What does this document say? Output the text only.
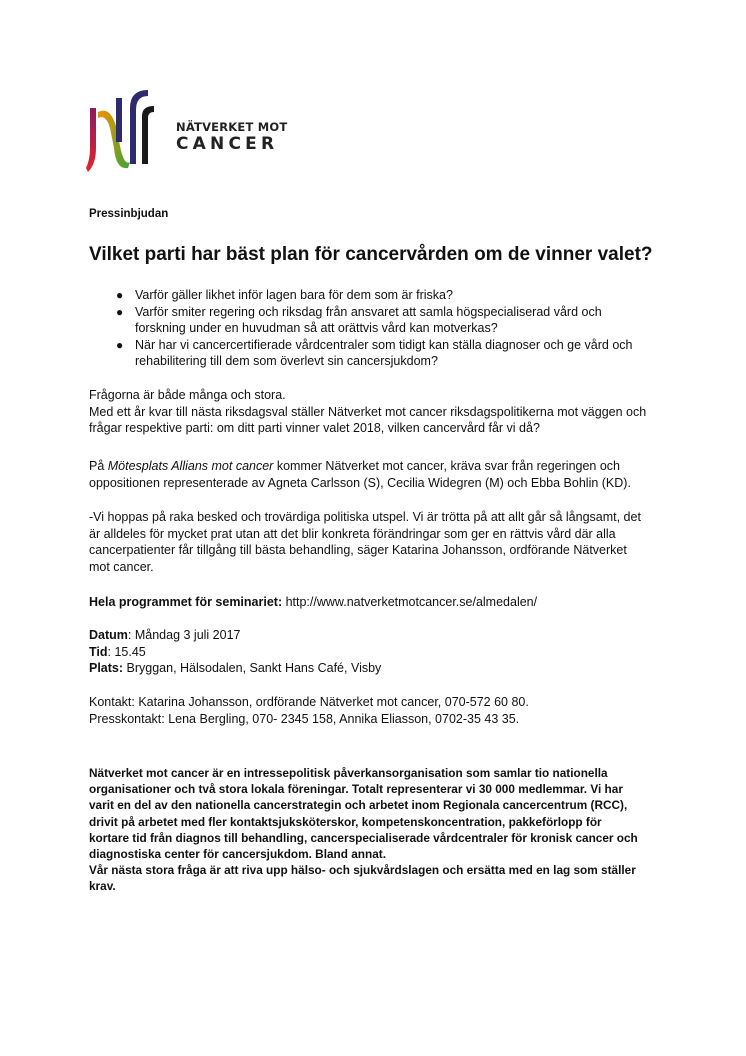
NÄTVERKET MOT
CANCER
Pressinbjudan
Vilket parti har bäst plan för cancervården om de vinner valet?
● Varför gäller likhet inför lagen bara för dem som är friska?
● Varför smiter regering och riksdag från ansvaret att samla högspecialiserad vård och
forskning under en huvudman så att orättvis vård kan motverkas?
● När har vi cancercertifierade vårdcentraler som tidigt kan ställa diagnoser och ge vård och
rehabilitering till dem som överlevt sin cancersjukdom?
Frågorna är både många och stora.
Med ett år kvar till nästa riksdagsval ställer Nätverket mot cancer riksdagspolitikerna mot väggen och
frågar respektive parti: om ditt parti vinner valet 2018, vilken cancervård får vi då?
På Mötesplats Allians mot cancer kommer Nätverket mot cancer, kräva svar från regeringen och
oppositionen representerade av Agneta Carlsson (S), Cecilia Widegren (M) och Ebba Bohlin (KD).
-Vi hoppas på raka besked och trovärdiga politiska utspel. Vi är trötta på att allt går så långsamt, det
är alldeles för mycket prat utan att det blir konkreta förändringar som ger en rättvis vård där alla
cancerpatienter får tillgång till bästa behandling, säger Katarina Johansson, ordförande Nätverket
mot cancer.
Hela programmet för seminariet: http://www.natverketmotcancer.se/almedalen/
Datum: Måndag 3 juli 2017
Tid: 15.45
Plats: Bryggan, Hälsodalen, Sankt Hans Café, Visby
Kontakt: Katarina Johansson, ordförande Nätverket mot cancer, 070-572 60 80.
Presskontakt: Lena Bergling, 070- 2345 158, Annika Eliasson, 0702-35 43 35.
Nätverket mot cancer är en intressepolitisk påverkansorganisation som samlar tio nationella
organisationer och två stora lokala föreningar. Totalt representerar vi 30 000 medlemmar. Vi har
varit en del av den nationella cancerstrategin och arbetet inom Regionala cancercentrum (RCC),
drivit på arbetet med fler kontaktsjuksköterskor, kompetenskoncentration, pakkeförlopp för
kortare tid från diagnos till behandling, cancerspecialiserade vårdcentraler för kronisk cancer och
diagnostiska center för cancersjukdom. Bland annat.
Vår nästa stora fråga är att riva upp hälso- och sjukvårdslagen och ersätta med en lag som ställer
krav.
